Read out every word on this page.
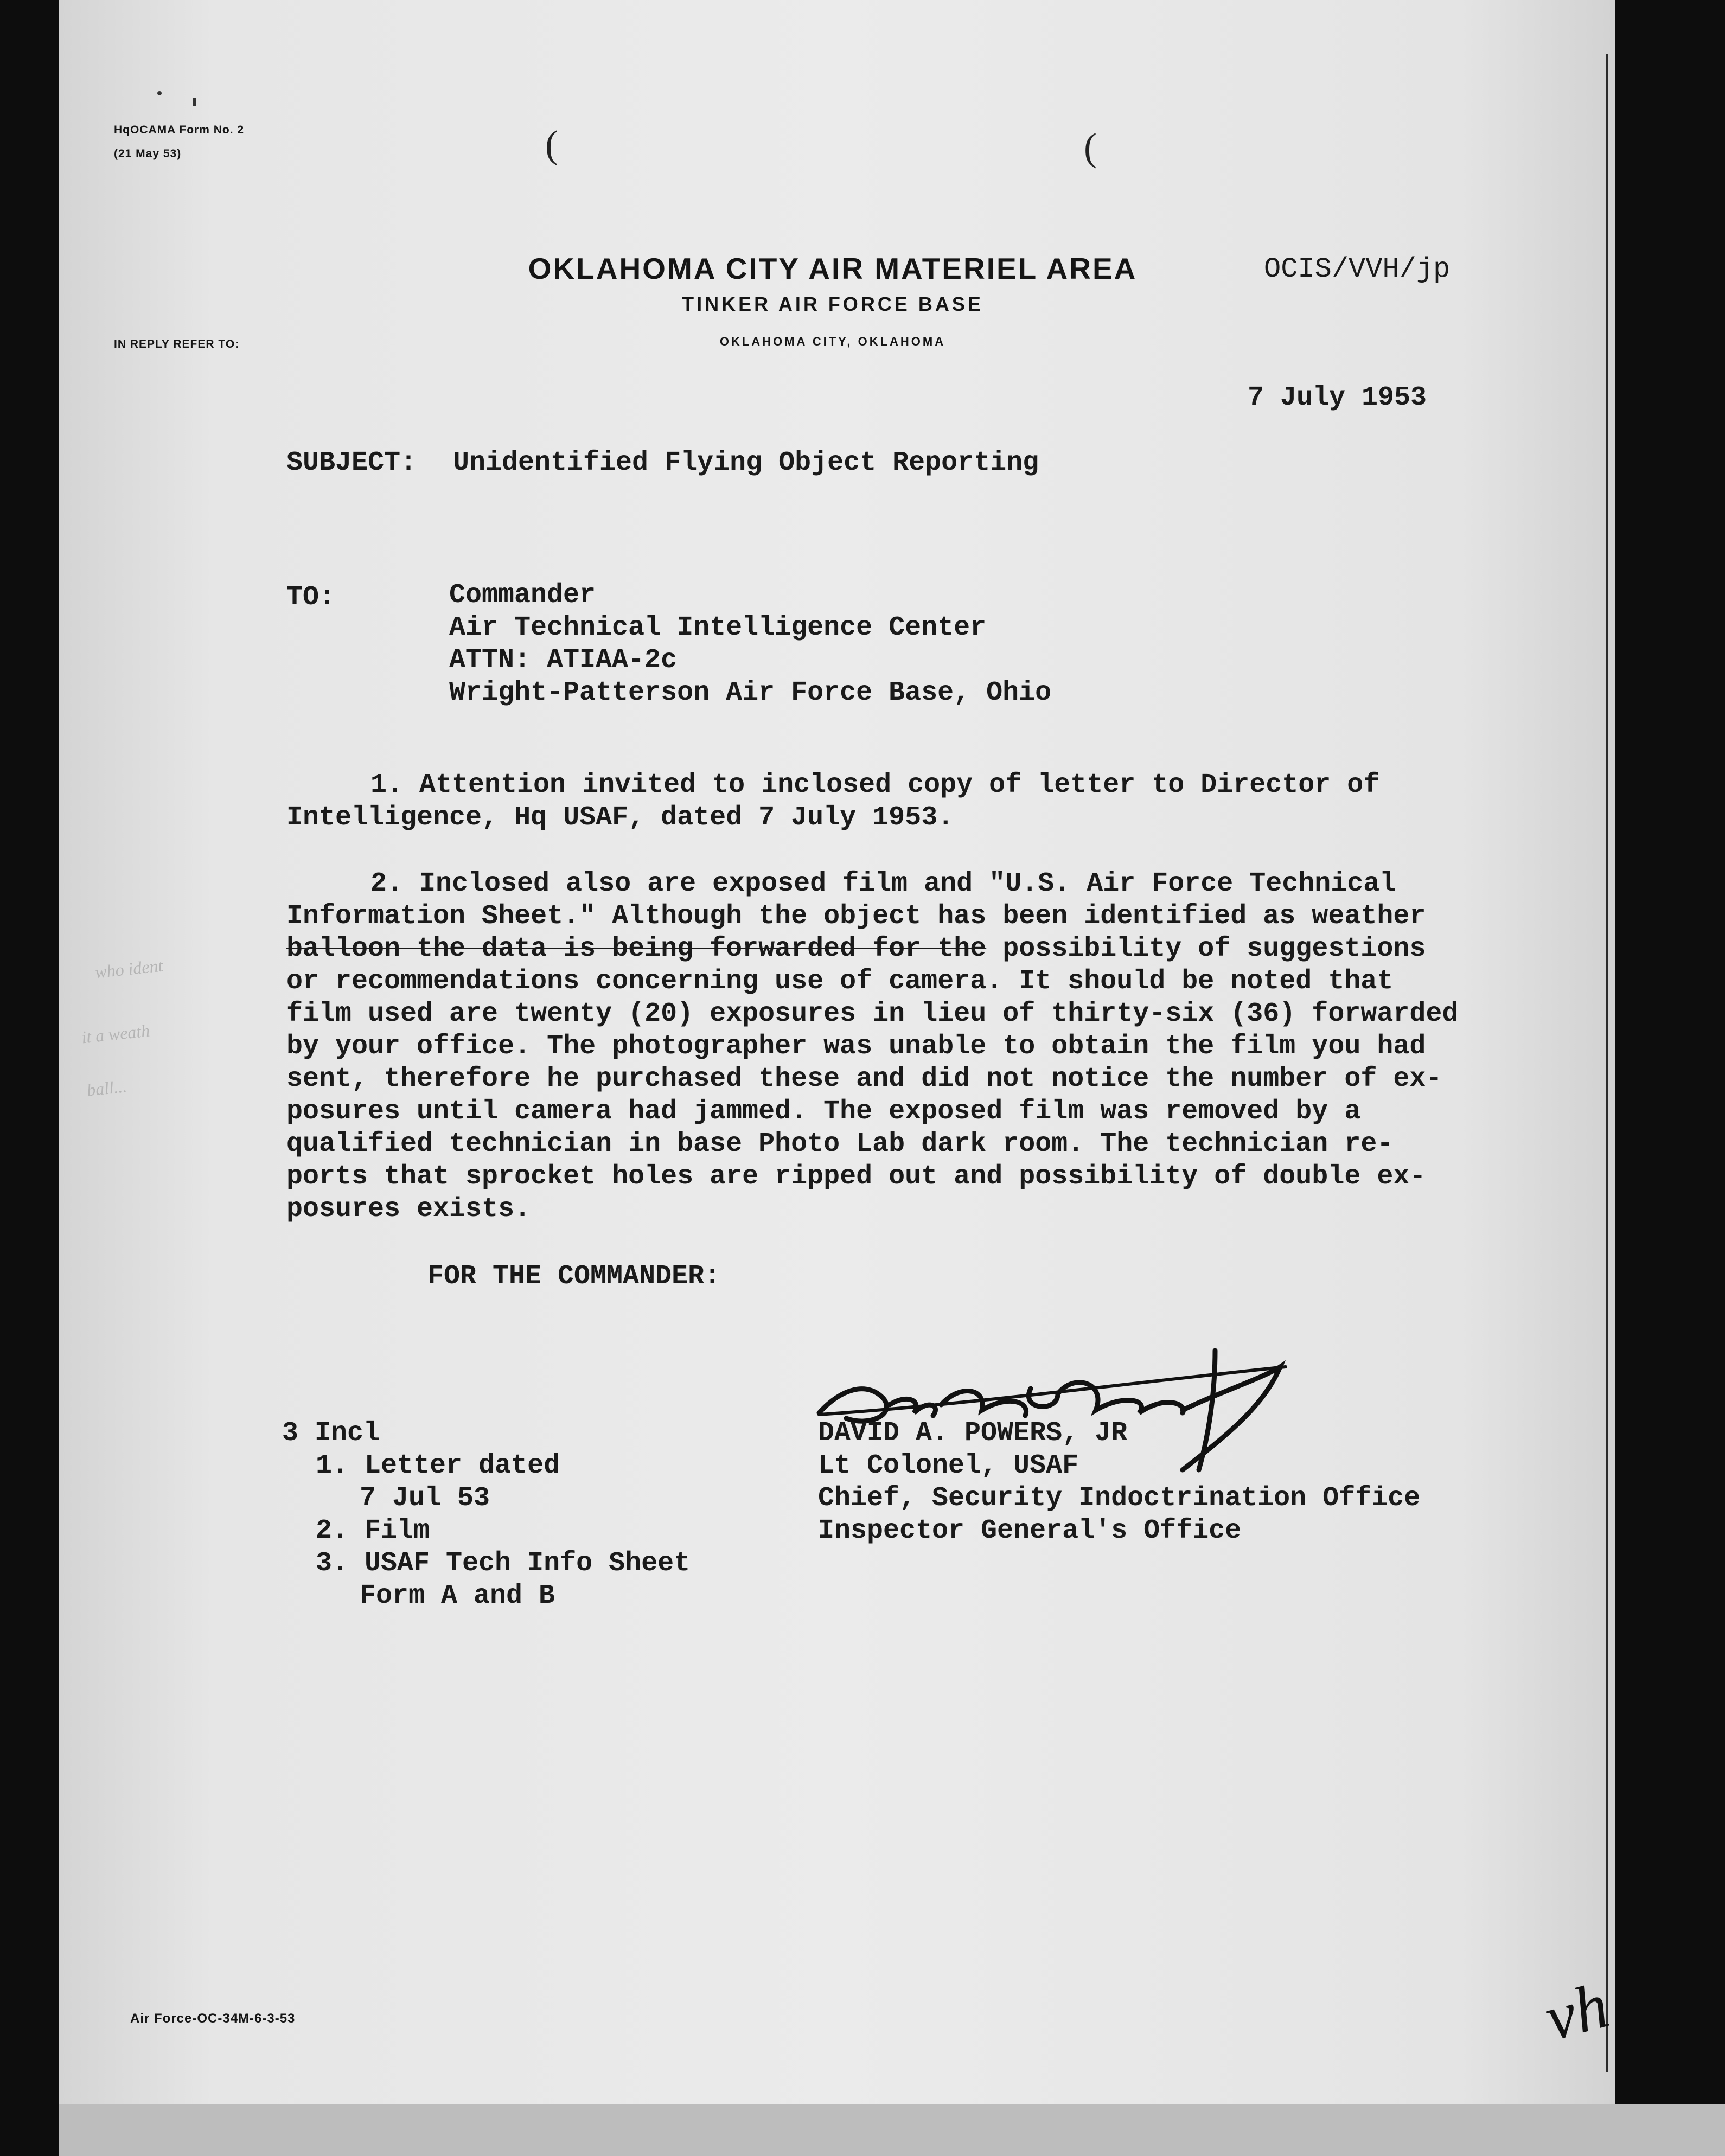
HqOCAMA Form No. 2
(21 May 53)	(	(
OKLAHOMA CITY AIR MATERIEL AREA
TINKER AIR FORCE BASE
OKLAHOMA CITY, OKLAHOMA
IN REPLY REFER TO:
OCIS/VVH/jp
7 July 1953
SUBJECT: Unidentified Flying Object Reporting
TO:	Commander

Air Technical Intelligence Center

ATTN: ATIAA-2c

Wright-Patterson Air Force Base, Ohio

1. Attention invited to inclosed copy of letter to Director of

Intelligence, Hq USAF, dated 7 July 1953.

2. Inclosed also are exposed film and "U.S. Air Force Technical

Information Sheet." Although the object has been identified as weather

balloon the data is being forwarded for the possibility of suggestions

or recommendations concerning use of camera. It should be noted that

film used are twenty (20) exposures in lieu of thirty-six (36) forwarded

by your office. The photographer was unable to obtain the film you had

sent, therefore he purchased these and did not notice the number of ex-

posures until camera had jammed. The exposed film was removed by a

qualified technician in base Photo Lab dark room. The technician re-

ports that sprocket holes are ripped out and possibility of double ex-

posures exists.

who ident
it a weath
ball...
FOR THE COMMANDER:

DAVID A. POWERS, JR

Lt Colonel, USAF

Chief, Security Indoctrination Office

Inspector General's Office

3 Incl

1. Letter dated

7 Jul 53

2. Film

3. USAF Tech Info Sheet

Form A and B

Air Force-OC-34M-6-3-53	vh
